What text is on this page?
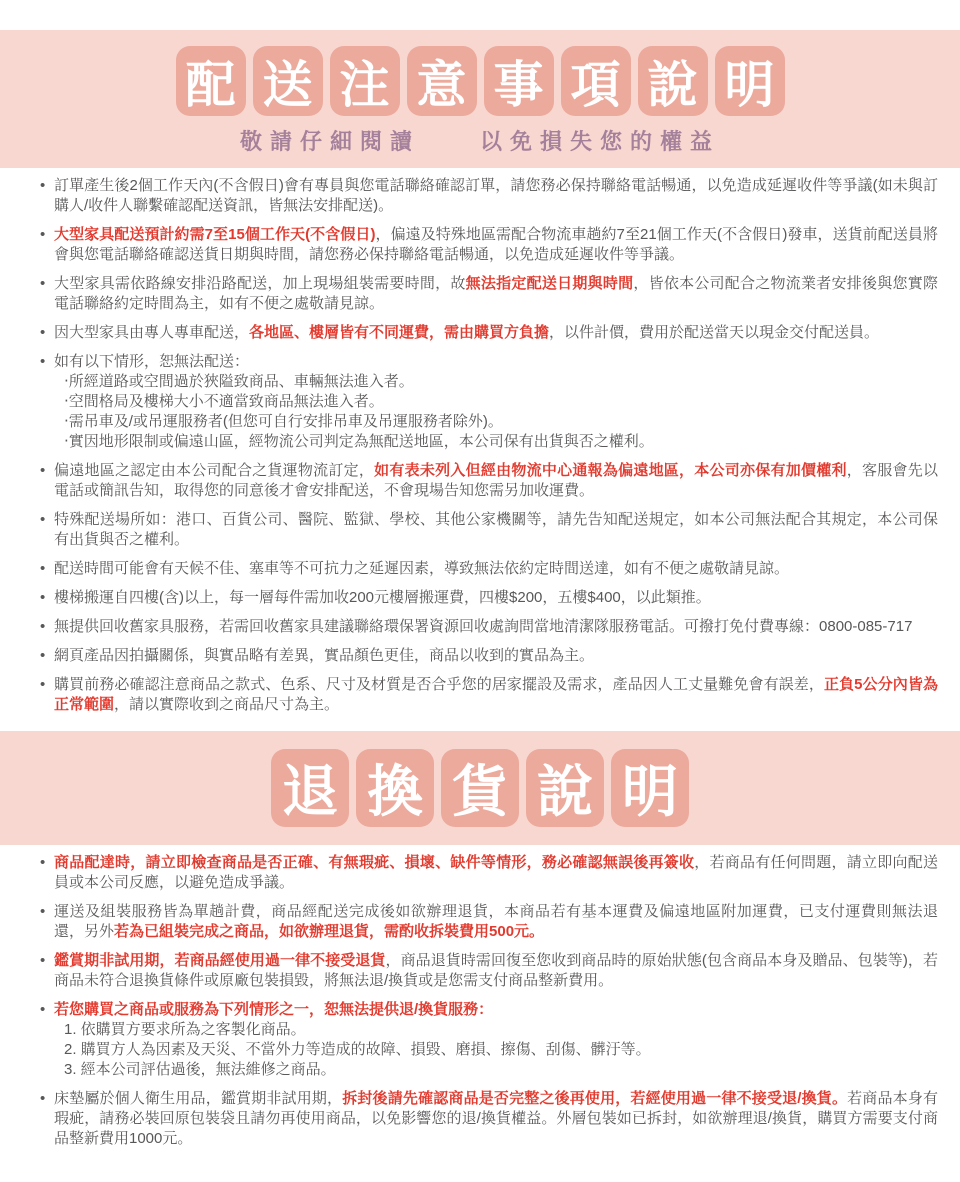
配 送 注 意 事 項 說 明
敬請仔細閱讀　　以免損失您的權益
• 訂單產生後2個工作天內(不含假日)會有專員與您電話聯絡確認訂單，請您務必保持聯絡電話暢通，以免造成延遲收件等爭議(如未與訂購人/收件人聯繫確認配送資訊，皆無法安排配送)。
• 大型家具配送預計約需7至15個工作天(不含假日)，偏遠及特殊地區需配合物流車趟約7至21個工作天(不含假日)發車，送貨前配送員將會與您電話聯絡確認送貨日期與時間，請您務必保持聯絡電話暢通，以免造成延遲收件等爭議。
• 大型家具需依路線安排沿路配送，加上現場組裝需要時間，故無法指定配送日期與時間，皆依本公司配合之物流業者安排後與您實際電話聯絡約定時間為主，如有不便之處敬請見諒。
• 因大型家具由專人專車配送，各地區、樓層皆有不同運費，需由購買方負擔，以件計價，費用於配送當天以現金交付配送員。
• 如有以下情形，恕無法配送：
‧所經道路或空間過於狹隘致商品、車輛無法進入者。
‧空間格局及樓梯大小不適當致商品無法進入者。
‧需吊車及/或吊運服務者(但您可自行安排吊車及吊運服務者除外)。
‧實因地形限制或偏遠山區，經物流公司判定為無配送地區，本公司保有出貨與否之權利。
• 偏遠地區之認定由本公司配合之貨運物流訂定，如有表未列入但經由物流中心通報為偏遠地區，本公司亦保有加價權利，客服會先以電話或簡訊告知，取得您的同意後才會安排配送，不會現場告知您需另加收運費。
• 特殊配送場所如：港口、百貨公司、醫院、監獄、學校、其他公家機關等，請先告知配送規定，如本公司無法配合其規定，本公司保有出貨與否之權利。
• 配送時間可能會有天候不佳、塞車等不可抗力之延遲因素，導致無法依約定時間送達，如有不便之處敬請見諒。
• 樓梯搬運自四樓(含)以上，每一層每件需加收200元樓層搬運費，四樓$200，五樓$400，以此類推。
• 無提供回收舊家具服務，若需回收舊家具建議聯絡環保署資源回收處詢問當地清潔隊服務電話。可撥打免付費專線：0800-085-717
• 網頁產品因拍攝關係，與實品略有差異，實品顏色更佳，商品以收到的實品為主。
• 購買前務必確認注意商品之款式、色系、尺寸及材質是否合乎您的居家擺設及需求，產品因人工丈量難免會有誤差，正負5公分內皆為正常範圍，請以實際收到之商品尺寸為主。
退 換 貨 說 明
• 商品配達時，請立即檢查商品是否正確、有無瑕疵、損壞、缺件等情形，務必確認無誤後再簽收，若商品有任何問題，請立即向配送員或本公司反應，以避免造成爭議。
• 運送及組裝服務皆為單趟計費，商品經配送完成後如欲辦理退貨，本商品若有基本運費及偏遠地區附加運費，已支付運費則無法退還，另外若為已組裝完成之商品，如欲辦理退貨，需酌收拆裝費用500元。
• 鑑賞期非試用期，若商品經使用過一律不接受退貨，商品退貨時需回復至您收到商品時的原始狀態(包含商品本身及贈品、包裝等)，若商品未符合退換貨條件或原廠包裝損毀，將無法退/換貨或是您需支付商品整新費用。
• 若您購買之商品或服務為下列情形之一，恕無法提供退/換貨服務：
1. 依購買方要求所為之客製化商品。
2. 購買方人為因素及天災、不當外力等造成的故障、損毀、磨損、擦傷、刮傷、髒汙等。
3. 經本公司評估過後，無法維修之商品。
• 床墊屬於個人衛生用品，鑑賞期非試用期，拆封後請先確認商品是否完整之後再使用，若經使用過一律不接受退/換貨。若商品本身有瑕疵，請務必裝回原包裝袋且請勿再使用商品，以免影響您的退/換貨權益。外層包裝如已拆封，如欲辦理退/換貨，購買方需要支付商品整新費用1000元。
